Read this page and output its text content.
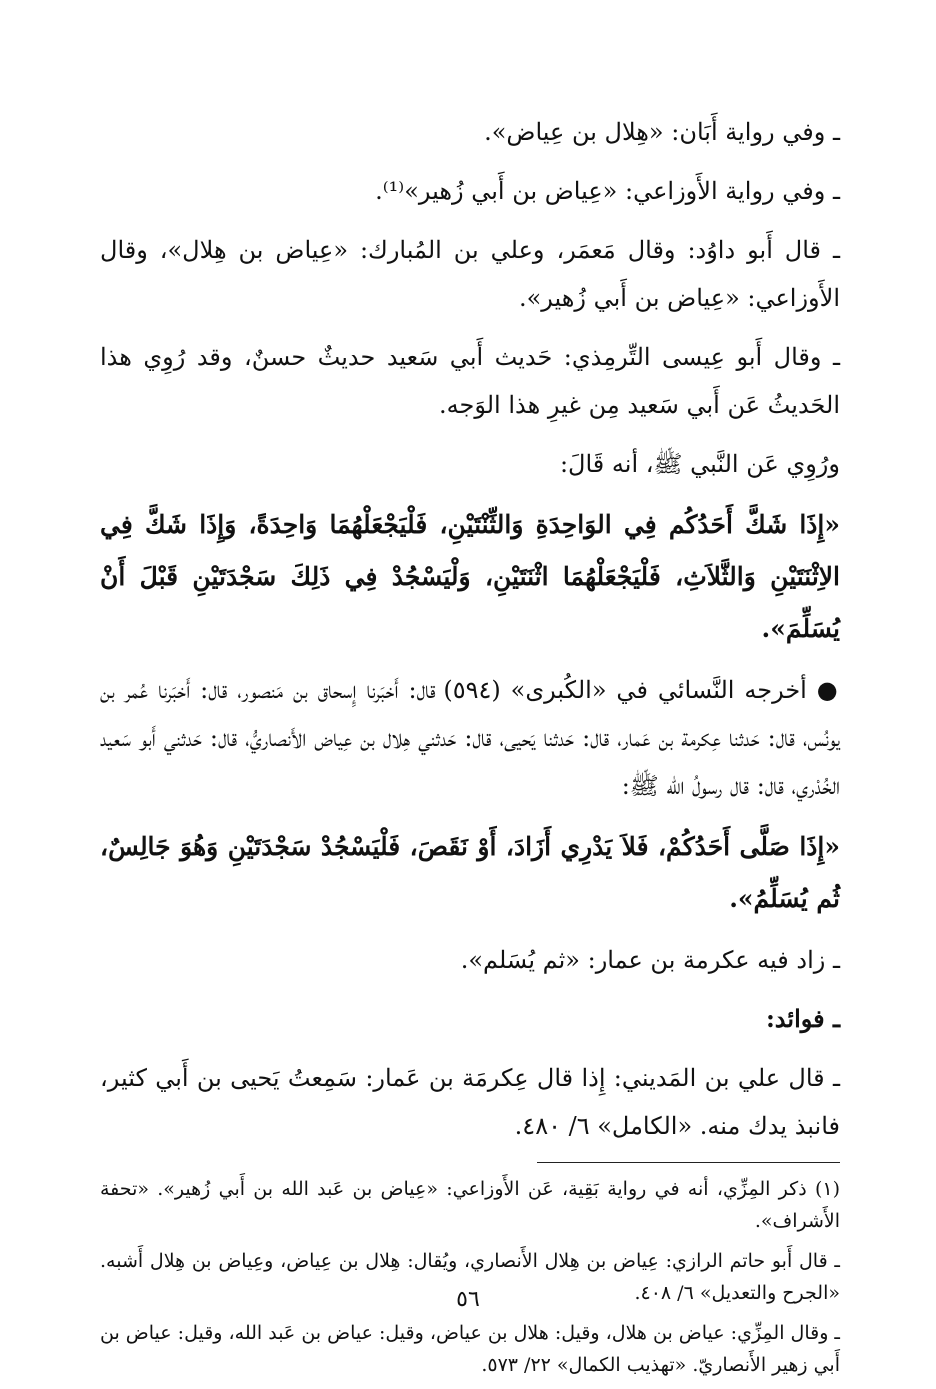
ـ وفي رواية أَبَان: «هِلال بن عِياض».

ـ وفي رواية الأَوزاعي: «عِياض بن أَبي زُهير»⁽¹⁾.

ـ قال أَبو داوُد: وقال مَعمَر، وعلي بن المُبارك: «عِياض بن هِلال»، وقال الأَوزاعي: «عِياض بن أَبي زُهير».

ـ وقال أَبو عِيسى التِّرمِذي: حَديث أَبي سَعيد حديثٌ حسنٌ، وقد رُوِي هذا الحَديثُ عَن أَبي سَعيد مِن غيرِ هذا الوَجه.

ورُوِي عَن النَّبي ﷺ، أنه قَالَ:

«إِذَا شَكَّ أَحَدُكُم فِي الوَاحِدَةِ وَالثِّنْتَيْنِ، فَلْيَجْعَلْهُمَا وَاحِدَةً، وَإِذَا شَكَّ فِي الاِثْنَتَيْنِ وَالثَّلاَثِ، فَلْيَجْعَلْهُمَا اثْنَتَيْنِ، وَلْيَسْجُدْ فِي ذَلِكَ سَجْدَتَيْنِ قَبْلَ أَنْ يُسَلِّمَ».

● أخرجه النَّسائي في «الكُبرى» (٥٩٤) قال: أَخبَرنا إِسحاق بن مَنصور، قال: أَخبَرنا عُمر بن يونُس، قال: حَدثنا عِكرمة بن عَمار، قال: حَدثنا يَحيى، قال: حَدثني هِلال بن عِياض الأَنصاريُّ، قال: حَدثني أَبو سَعيد الخُدْري، قال: قال رسولُ الله ﷺ:

«إِذَا صَلَّى أَحَدُكُمْ، فَلاَ يَدْرِي أَزَادَ، أَوْ نَقَصَ، فَلْيَسْجُدْ سَجْدَتَيْنِ وَهُوَ جَالِسٌ، ثُم يُسَلِّمُ».

ـ زاد فيه عكرمة بن عمار: «ثم يُسَلم».

ـ فوائد:

ـ قال علي بن المَديني: إِذا قال عِكرمَة بن عَمار: سَمِعتُ يَحيى بن أَبي كثير، فانبذ يدك منه. «الكامل» ٦/ ٤٨٠.

(١) ذكر المِزِّي، أنه في رواية بَقِية، عَن الأَوزاعي: «عِياض بن عَبد الله بن أَبي زُهير». «تحفة الأَشراف».

ـ قال أَبو حاتم الرازي: عِياض بن هِلال الأَنصاري، ويُقال: هِلال بن عِياض، وعِياض بن هِلال أَشبه. «الجرح والتعديل» ٦/ ٤٠٨.

ـ وقال المِزِّي: عياض بن هلال، وقيل: هلال بن عياض، وقيل: عياض بن عَبد الله، وقيل: عياض بن أَبي زهير الأَنصاريّ. «تهذيب الكمال» ٢٢/ ٥٧٣.

٥٦
